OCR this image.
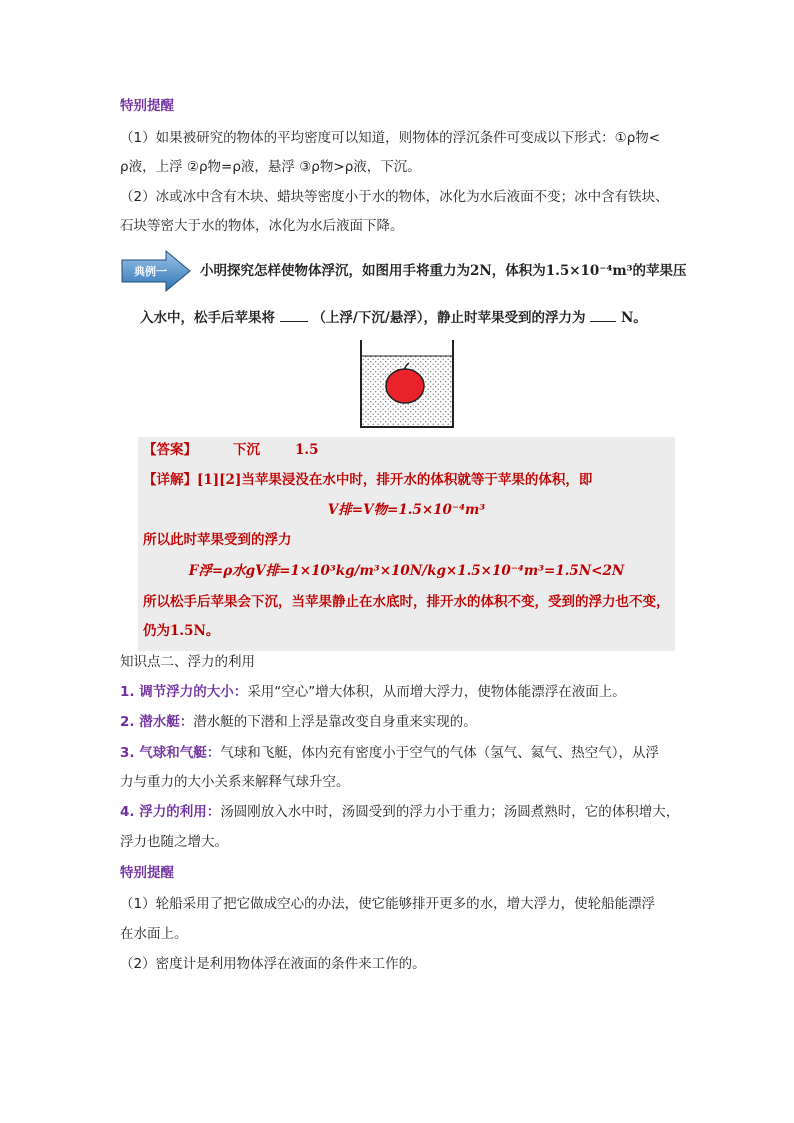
特别提醒
（1）如果被研究的物体的平均密度可以知道，则物体的浮沉条件可变成以下形式：①ρ物<
ρ液，上浮 ②ρ物=ρ液，悬浮 ③ρ物>ρ液，下沉。
（2）冰或冰中含有木块、蜡块等密度小于水的物体，冰化为水后液面不变；冰中含有铁块、
石块等密大于水的物体，冰化为水后液面下降。
典例一 小明探究怎样使物体浮沉，如图用手将重力为2N，体积为1.5×10⁻⁴m³的苹果压
入水中，松手后苹果将	（上浮/下沉/悬浮），静止时苹果受到的浮力为	N。
【答案】	下沉	1.5
【详解】[1][2]当苹果浸没在水中时，排开水的体积就等于苹果的体积，即
V排=V物=1.5×10⁻⁴m³
所以此时苹果受到的浮力
F浮=ρ水gV排=1×10³kg/m³×10N/kg×1.5×10⁻⁴m³=1.5N<2N
所以松手后苹果会下沉，当苹果静止在水底时，排开水的体积不变，受到的浮力也不变，
仍为1.5N。
知识点二、浮力的利用
1. 调节浮力的大小：采用“空心”增大体积，从而增大浮力，使物体能漂浮在液面上。
2. 潜水艇：潜水艇的下潜和上浮是靠改变自身重来实现的。
3. 气球和气艇：气球和飞艇，体内充有密度小于空气的气体（氢气、氦气、热空气），从浮
力与重力的大小关系来解释气球升空。
4. 浮力的利用：汤圆刚放入水中时，汤圆受到的浮力小于重力；汤圆煮熟时，它的体积增大，
浮力也随之增大。
特别提醒
（1）轮船采用了把它做成空心的办法，使它能够排开更多的水，增大浮力，使轮船能漂浮
在水面上。
（2）密度计是利用物体浮在液面的条件来工作的。
